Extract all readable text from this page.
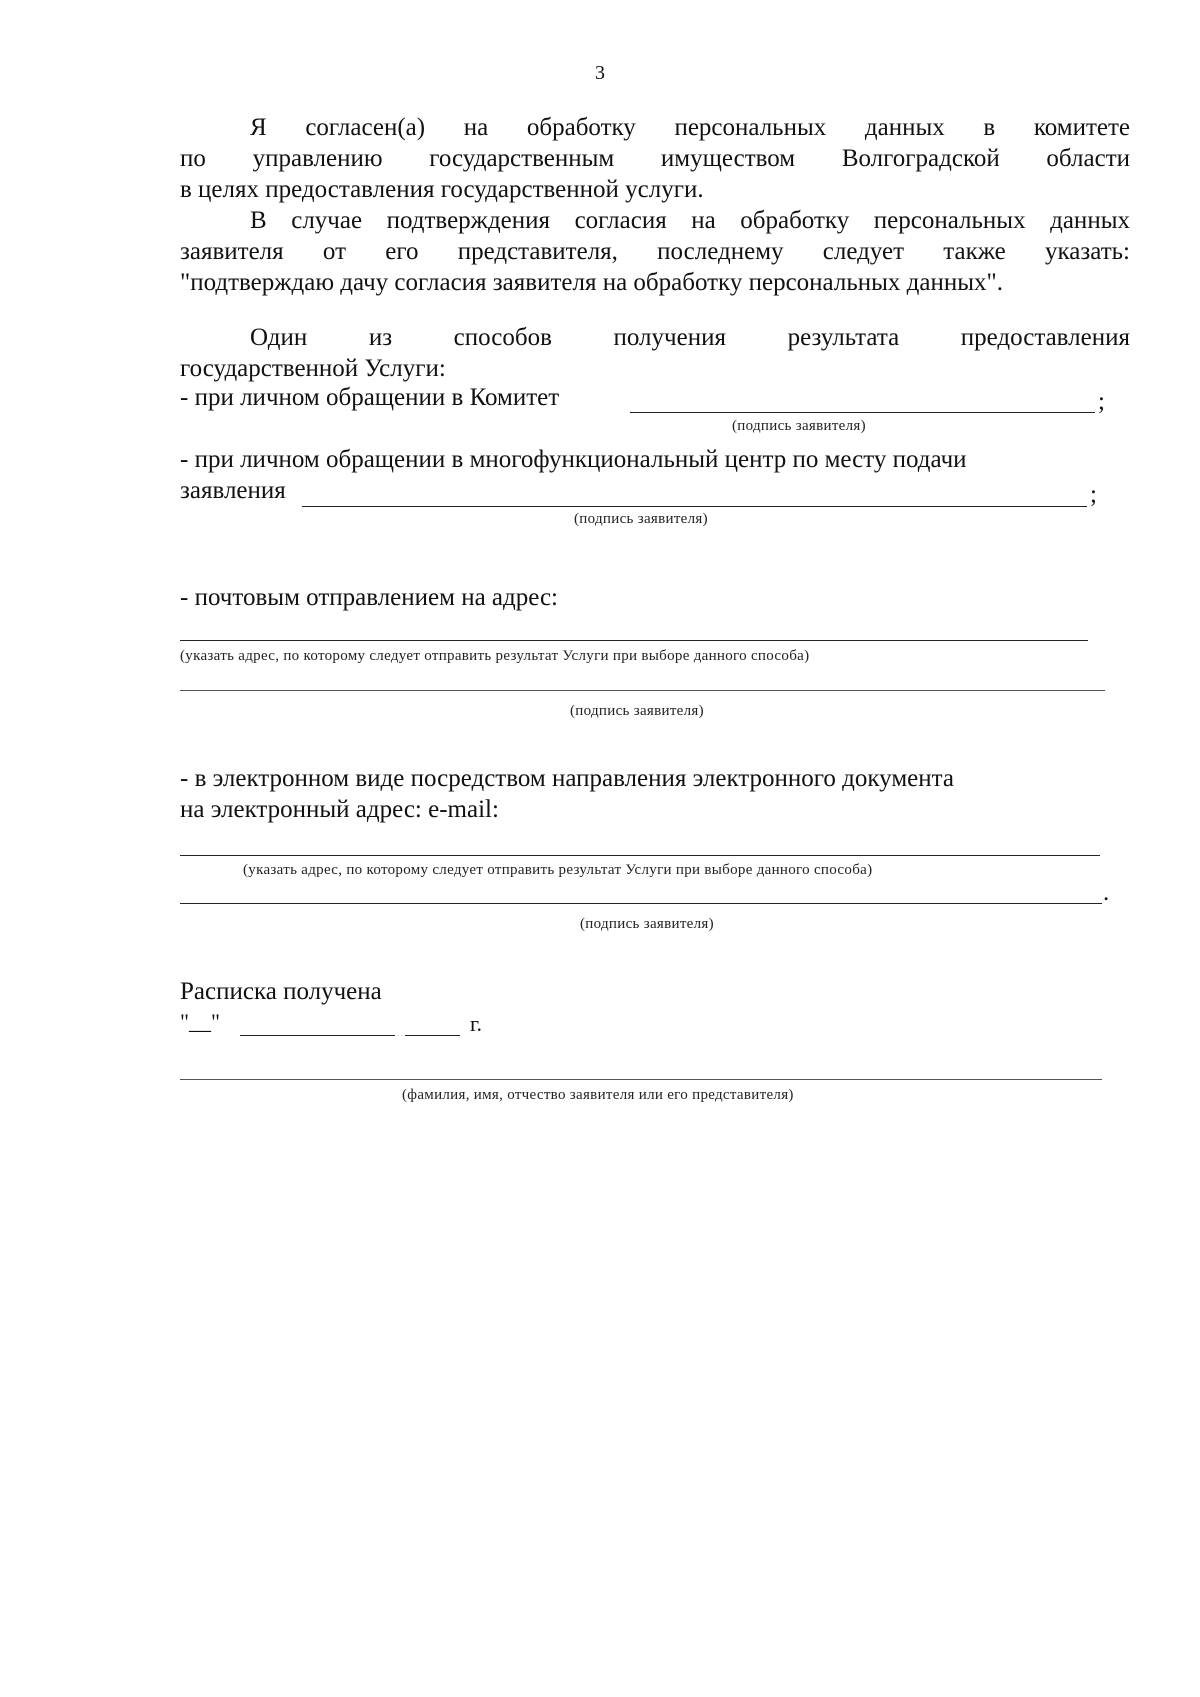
3
Я согласен(а) на обработку персональных данных в комитете
по управлению государственным имуществом Волгоградской области
в целях предоставления государственной услуги.
В случае подтверждения согласия на обработку персональных данных
заявителя от его представителя, последнему следует также указать:
"подтверждаю дачу согласия заявителя на обработку персональных данных".
Один из способов получения результата предоставления
государственной Услуги:
- при личном обращении в Комитет	;
(подпись заявителя)
- при личном обращении в многофункциональный центр по месту подачи
заявления	;
(подпись заявителя)
- почтовым отправлением на адрес:
(указать адрес, по которому следует отправить результат Услуги при выборе данного способа)
(подпись заявителя)
- в электронном виде посредством направления электронного документа
на электронный адрес: e-mail:
(указать адрес, по которому следует отправить результат Услуги при выборе данного способа)
.
(подпись заявителя)
Расписка получена
"__"	г.
(фамилия, имя, отчество заявителя или его представителя)
